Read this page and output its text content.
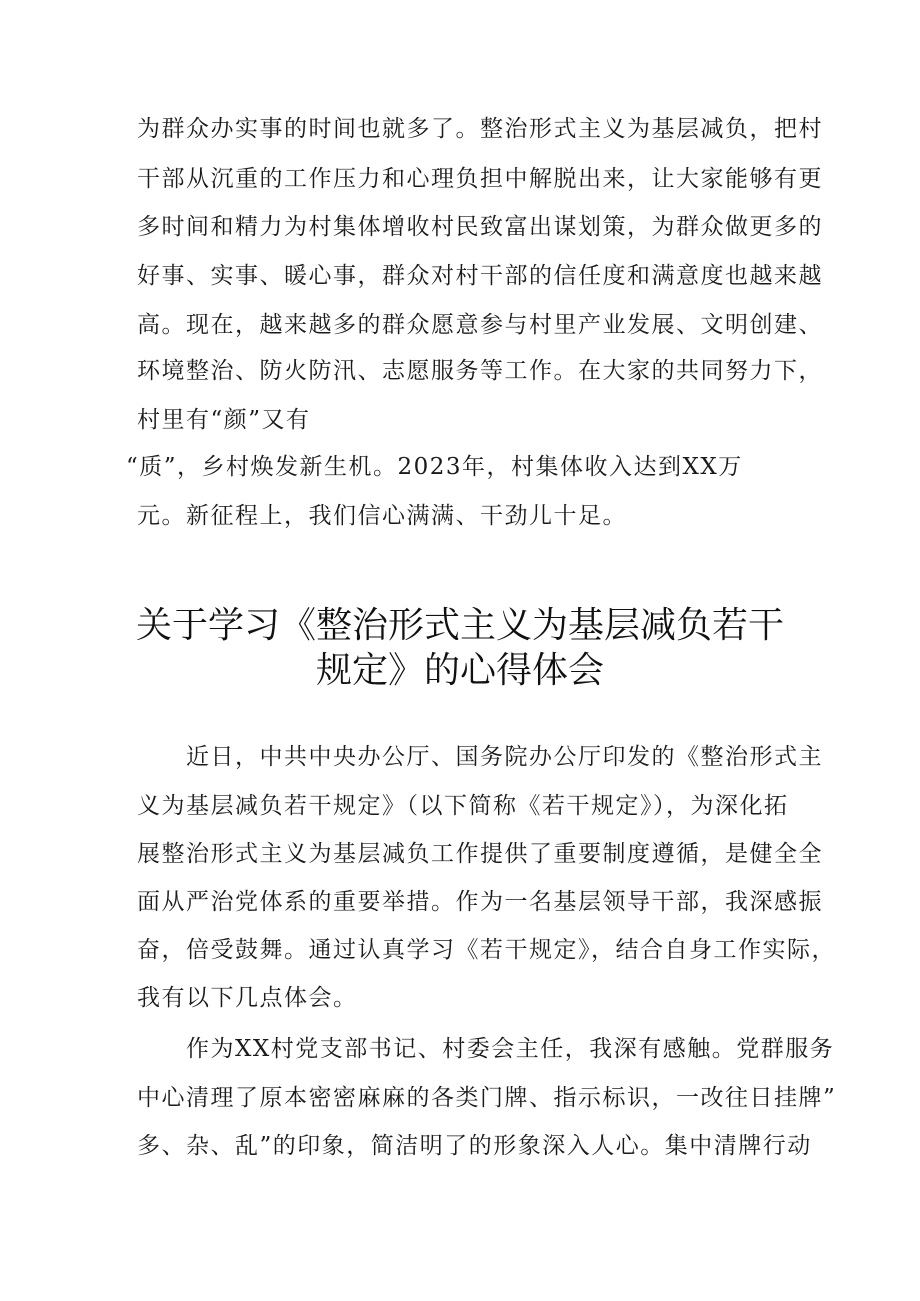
为群众办实事的时间也就多了。整治形式主义为基层减负，把村
干部从沉重的工作压力和心理负担中解脱出来，让大家能够有更
多时间和精力为村集体增收村民致富出谋划策，为群众做更多的
好事、实事、暖心事，群众对村干部的信任度和满意度也越来越
高。现在，越来越多的群众愿意参与村里产业发展、文明创建、
环境整治、防火防汛、志愿服务等工作。在大家的共同努力下，
村里有“颜”又有
“质”，乡村焕发新生机。2023年，村集体收入达到XX万
元。新征程上，我们信心满满、干劲儿十足。
关于学习《整治形式主义为基层减负若干
规定》的心得体会
近日，中共中央办公厅、国务院办公厅印发的《整治形式主
义为基层减负若干规定》（以下简称《若干规定》），为深化拓
展整治形式主义为基层减负工作提供了重要制度遵循，是健全全
面从严治党体系的重要举措。作为一名基层领导干部，我深感振
奋，倍受鼓舞。通过认真学习《若干规定》，结合自身工作实际，
我有以下几点体会。
作为XX村党支部书记、村委会主任，我深有感触。党群服务
中心清理了原本密密麻麻的各类门牌、指示标识，一改往日挂牌”
多、杂、乱”的印象，简洁明了的形象深入人心。集中清牌行动
